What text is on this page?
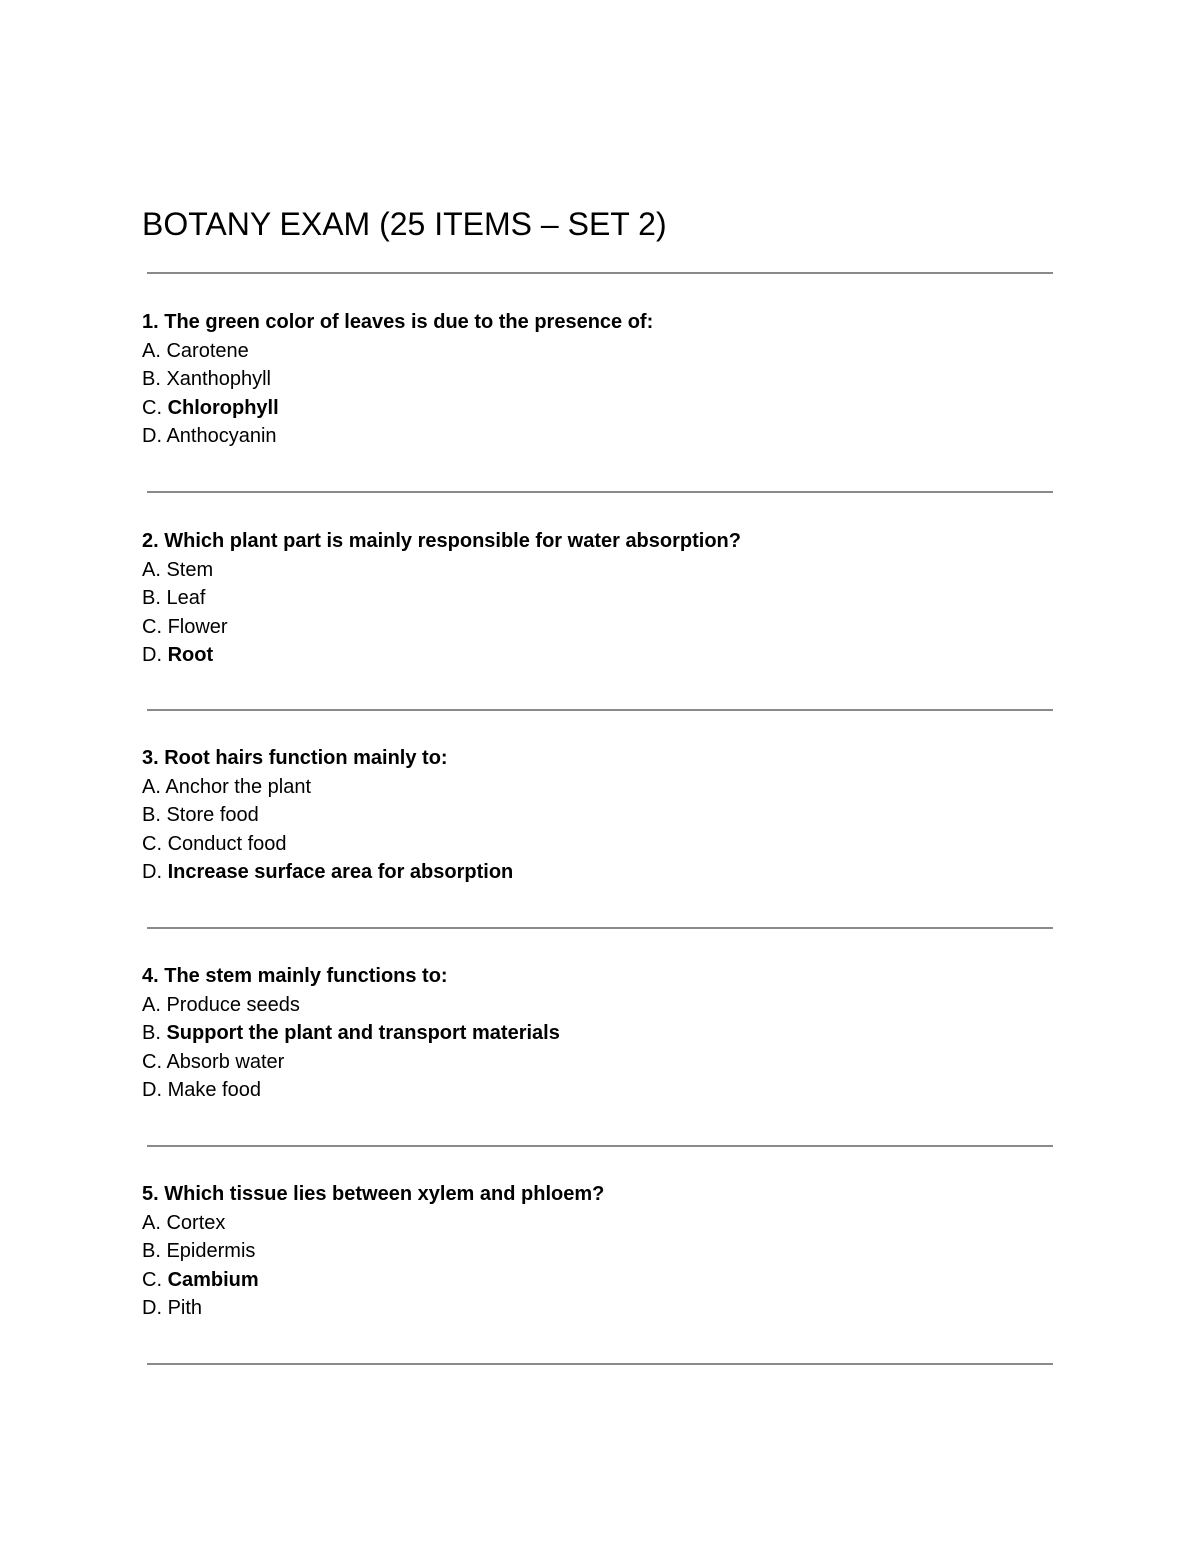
BOTANY EXAM (25 ITEMS – SET 2)

1. The green color of leaves is due to the presence of:

A. Carotene
B. Xanthophyll
C. Chlorophyll
D. Anthocyanin

2. Which plant part is mainly responsible for water absorption?

A. Stem
B. Leaf
C. Flower
D. Root

3. Root hairs function mainly to:

A. Anchor the plant
B. Store food
C. Conduct food
D. Increase surface area for absorption

4. The stem mainly functions to:

A. Produce seeds
B. Support the plant and transport materials
C. Absorb water
D. Make food

5. Which tissue lies between xylem and phloem?

A. Cortex
B. Epidermis
C. Cambium
D. Pith
